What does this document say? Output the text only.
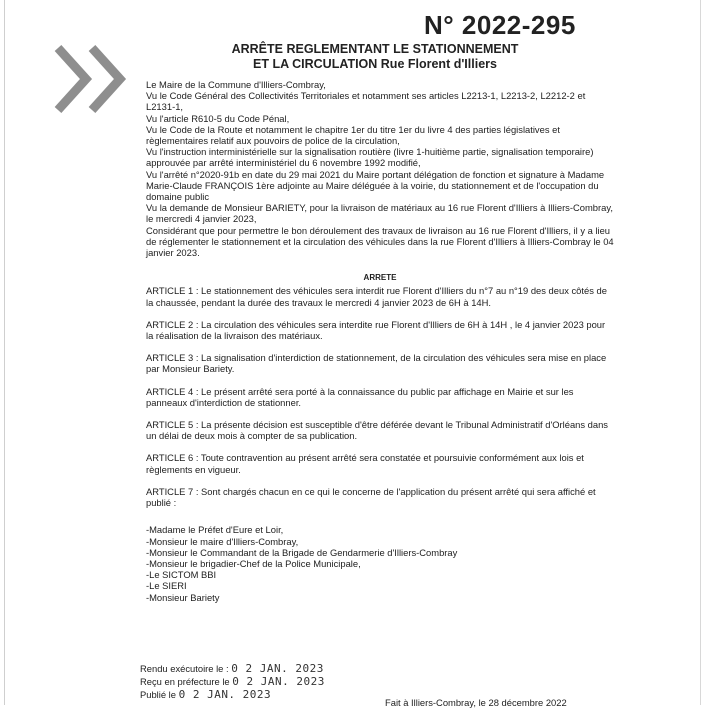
N° 2022-295
ARRÊTE REGLEMENTANT LE STATIONNEMENT
ET LA CIRCULATION Rue Florent d'Illiers

Le Maire de la Commune d'Illiers-Combray,

Vu le Code Général des Collectivités Territoriales et notamment ses articles L2213-1, L2213-2, L2212-2 et L2131-1,

Vu l'article R610-5 du Code Pénal,

Vu le Code de la Route et notamment le chapitre 1er du titre 1er du livre 4 des parties législatives et règlementaires relatif aux pouvoirs de police de la circulation,

Vu l'instruction interministérielle sur la signalisation routière (livre 1-huitième partie, signalisation temporaire) approuvée par arrêté interministériel du 6 novembre 1992 modifié,

Vu l'arrêté n°2020-91b en date du 29 mai 2021 du Maire portant délégation de fonction et signature à Madame Marie-Claude FRANÇOIS 1ère adjointe au Maire déléguée à la voirie, du stationnement et de l'occupation du domaine public

Vu la demande de Monsieur BARIETY, pour la livraison de matériaux au 16 rue Florent d'Illiers à Illiers-Combray, le mercredi 4 janvier 2023,

Considérant que pour permettre le bon déroulement des travaux de livraison au 16 rue Florent d'Illiers, il y a lieu de réglementer le stationnement et la circulation des véhicules dans la rue Florent d'Illiers à Illiers-Combray le 04 janvier 2023.

ARRETE

ARTICLE 1 : Le stationnement des véhicules sera interdit rue Florent d'Illiers du n°7 au n°19 des deux côtés de la chaussée, pendant la durée des travaux le mercredi 4 janvier 2023 de 6H à 14H.

ARTICLE 2 : La circulation des véhicules sera interdite rue Florent d'Illiers de 6H à 14H , le 4 janvier 2023 pour la réalisation de la livraison des matériaux.

ARTICLE 3 : La signalisation d'interdiction de stationnement, de la circulation des véhicules sera mise en place par Monsieur Bariety.

ARTICLE 4 : Le présent arrêté sera porté à la connaissance du public par affichage en Mairie et sur les panneaux d'interdiction de stationner.

ARTICLE 5 : La présente décision est susceptible d'être déférée devant le Tribunal Administratif d'Orléans dans un délai de deux mois à compter de sa publication.

ARTICLE 6 : Toute contravention au présent arrêté sera constatée et poursuivie conformément aux lois et règlements en vigueur.

ARTICLE 7 : Sont chargés chacun en ce qui le concerne de l'application du présent arrêté qui sera affiché et publié :

-Madame le Préfet d'Eure et Loir,

-Monsieur le maire d'Illiers-Combray,

-Monsieur le Commandant de la Brigade de Gendarmerie d'Illiers-Combray

-Monsieur le brigadier-Chef de la Police Municipale,

-Le SICTOM BBI

-Le SIERI

-Monsieur Bariety

Rendu exécutoire le : 0 2 JAN. 2023
Reçu en préfecture le 0 2 JAN. 2023
Publié le 0 2 JAN. 2023
Fait à Illiers-Combray, le 28 décembre 2022
